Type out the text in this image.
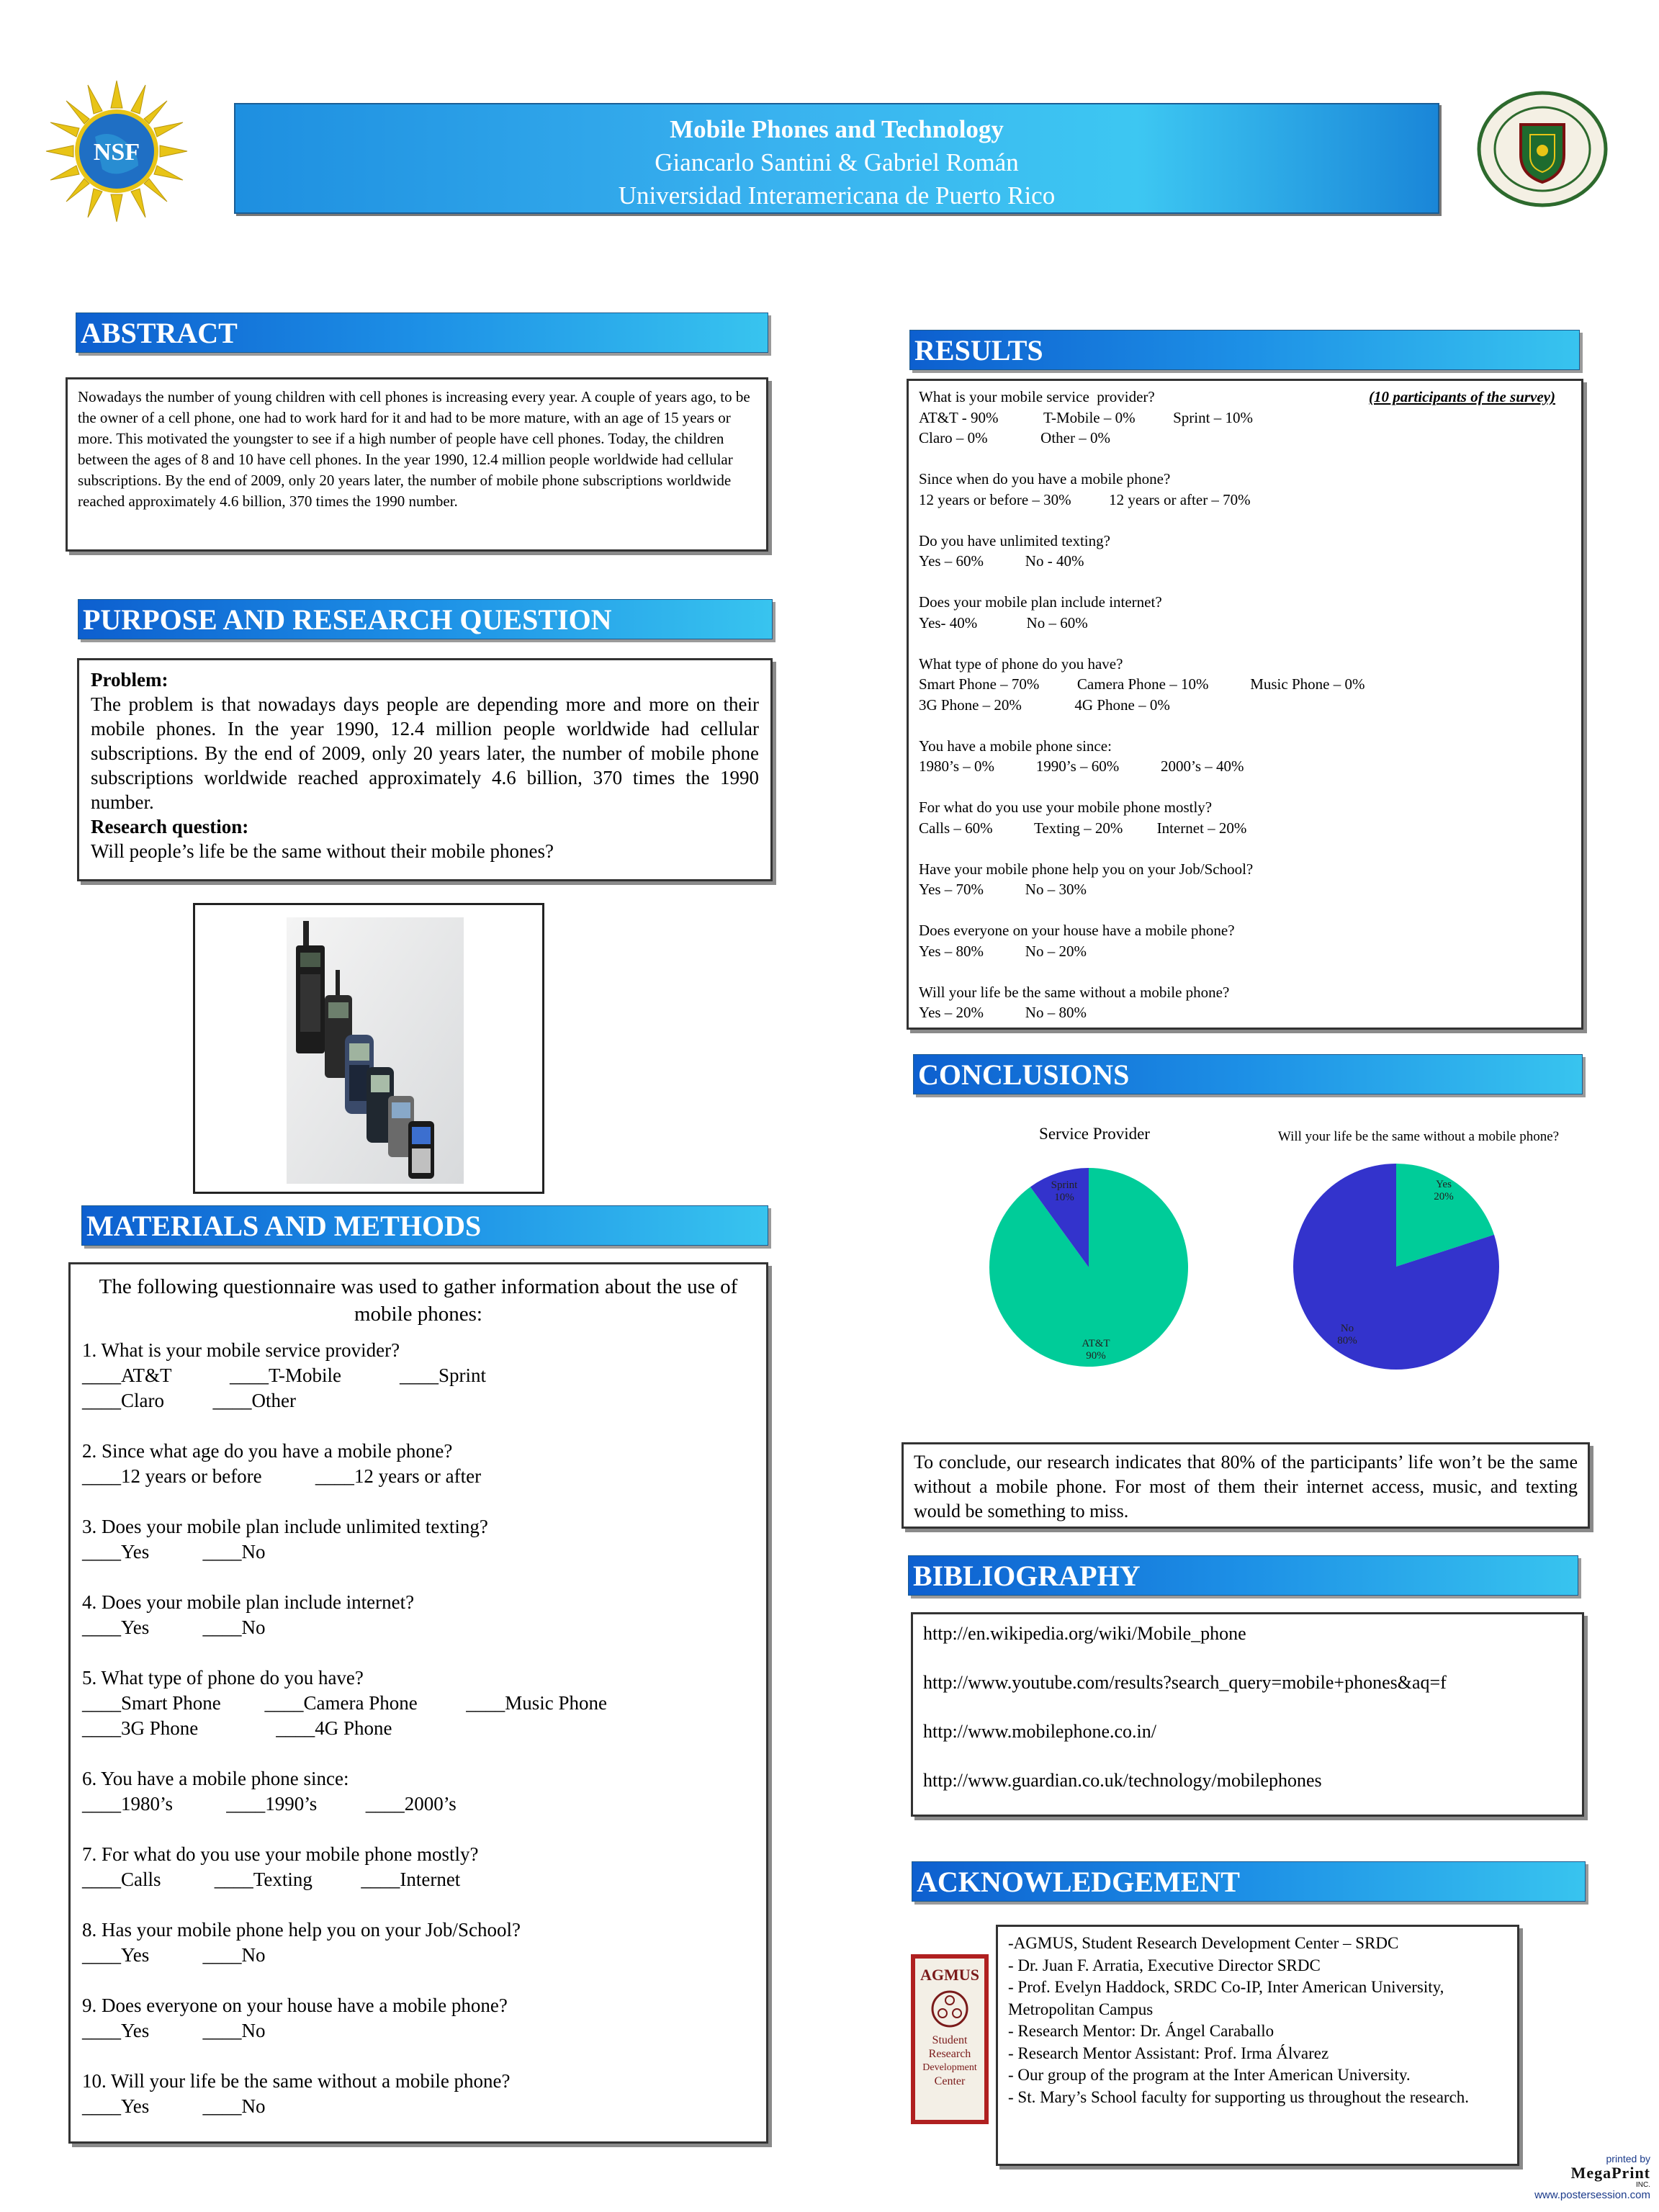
NSF
Mobile Phones and Technology
Giancarlo Santini & Gabriel Román
Universidad Interamericana de Puerto Rico
ABSTRACT
Nowadays the number of young children with cell phones is increasing every year. A couple of years ago, to be the owner of a cell phone, one had to work hard for it and had to be more mature, with an age of 15 years or more. This motivated the youngster to see if a high number of people have cell phones. Today, the children between the ages of 8 and 10 have cell phones. In the year 1990, 12.4 million people worldwide had cellular subscriptions. By the end of 2009, only 20 years later, the number of mobile phone subscriptions worldwide reached approximately 4.6 billion, 370 times the 1990 number.
PURPOSE AND RESEARCH QUESTION
Problem:
The problem is that nowadays days people are depending more and more on their mobile phones. In the year 1990, 12.4 million people worldwide had cellular subscriptions. By the end of 2009, only 20 years later, the number of mobile phone subscriptions worldwide reached approximately 4.6 billion, 370 times the 1990 number.
Research question:
Will people’s life be the same without their mobile phones?
MATERIALS AND METHODS
The following questionnaire was used to gather information about the use of mobile phones:
1. What is your mobile service provider?
____AT&T            ____T-Mobile            ____Sprint
____Claro          ____Other

2. Since what age do you have a mobile phone?
____12 years or before           ____12 years or after

3. Does your mobile plan include unlimited texting?
____Yes           ____No

4. Does your mobile plan include internet?
____Yes           ____No

5. What type of phone do you have?
____Smart Phone         ____Camera Phone          ____Music Phone
____3G Phone                ____4G Phone

6. You have a mobile phone since:
____1980’s           ____1990’s          ____2000’s

7. For what do you use your mobile phone mostly?
____Calls           ____Texting          ____Internet

8. Has your mobile phone help you on your Job/School?
____Yes           ____No

9. Does everyone on your house have a mobile phone?
____Yes           ____No

10. Will your life be the same without a mobile phone?
____Yes           ____No
RESULTS
(10 participants of the survey)
What is your mobile service  provider?
AT&T - 90%            T-Mobile – 0%          Sprint – 10%
Claro – 0%              Other – 0%

Since when do you have a mobile phone?
12 years or before – 30%          12 years or after – 70%

Do you have unlimited texting?
Yes – 60%           No - 40%

Does your mobile plan include internet?
Yes- 40%             No – 60%

What type of phone do you have?
Smart Phone – 70%          Camera Phone – 10%           Music Phone – 0%
3G Phone – 20%              4G Phone – 0%

You have a mobile phone since:
1980’s – 0%           1990’s – 60%           2000’s – 40%

For what do you use your mobile phone mostly?
Calls – 60%           Texting – 20%         Internet – 20%

Have your mobile phone help you on your Job/School?
Yes – 70%           No – 30%

Does everyone on your house have a mobile phone?
Yes – 80%           No – 20%

Will your life be the same without a mobile phone?
Yes – 20%           No – 80%
CONCLUSIONS
Service Provider
AT&T
90%
Sprint
10%
Will your life be the same without a mobile phone?
Yes
20%
No
80%
To conclude, our research indicates that 80% of the participants’ life won’t be the same without a mobile phone. For most of them their internet access, music, and texting would be something to miss.
BIBLIOGRAPHY
http://en.wikipedia.org/wiki/Mobile_phone
http://www.youtube.com/results?search_query=mobile+phones&aq=f
http://www.mobilephone.co.in/
http://www.guardian.co.uk/technology/mobilephones
ACKNOWLEDGEMENT
AGMUS
Student
Research
Development
Center
-AGMUS, Student Research Development Center – SRDC
- Dr. Juan F. Arratia, Executive Director SRDC
- Prof. Evelyn Haddock, SRDC Co-IP, Inter American University, Metropolitan Campus
- Research Mentor: Dr. Ángel Caraballo
- Research Mentor Assistant: Prof. Irma Álvarez
- Our group of the program at the Inter American University.
- St. Mary’s School faculty for supporting us throughout the research.
printed by
MegaPrint
INC.
www.postersession.com
